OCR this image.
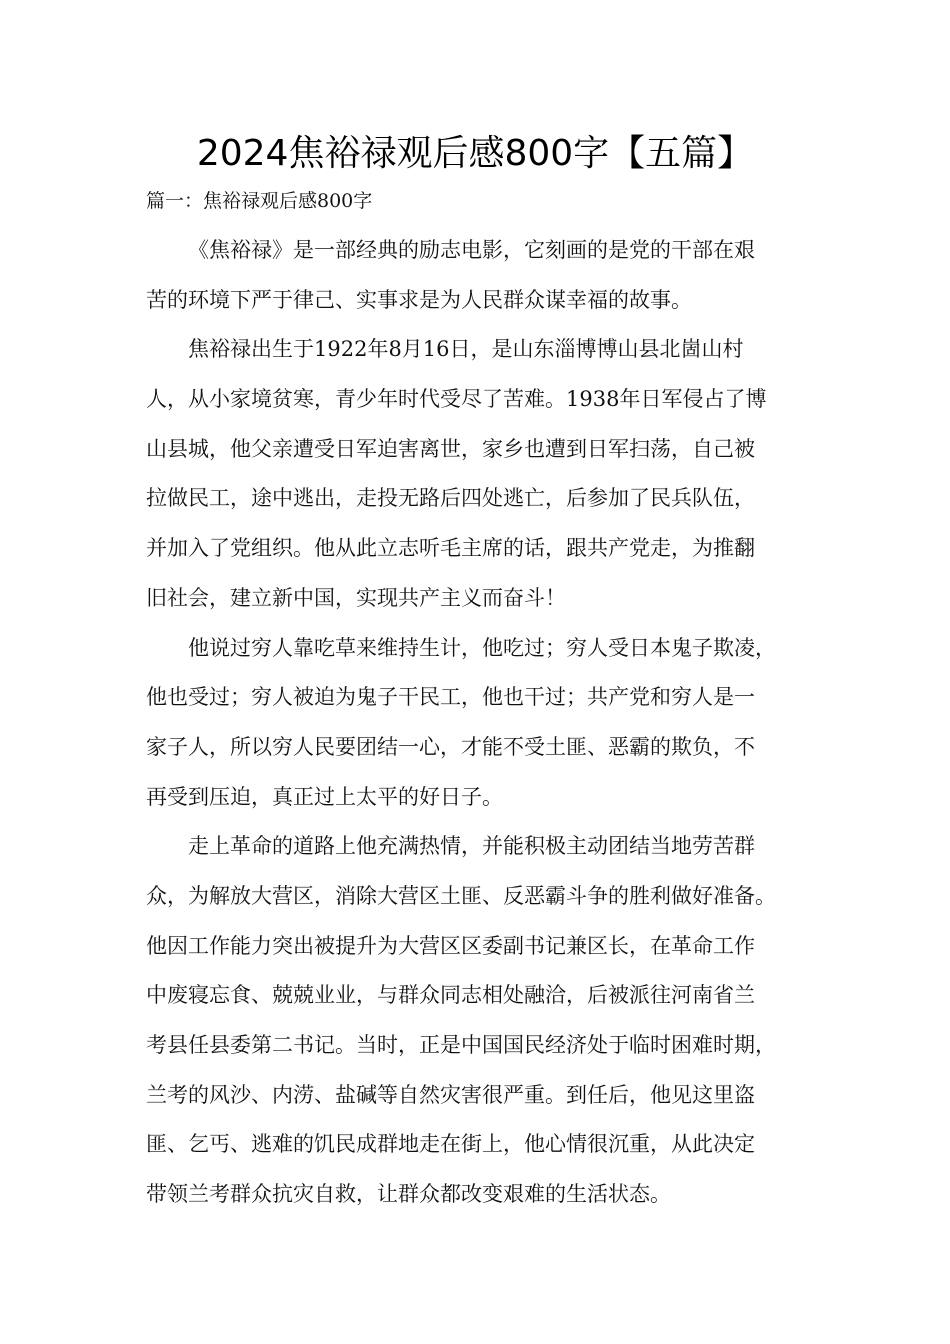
2024焦裕禄观后感800字【五篇】

篇一：焦裕禄观后感800字

《焦裕禄》是一部经典的励志电影，它刻画的是党的干部在艰
苦的环境下严于律己、实事求是为人民群众谋幸福的故事。
焦裕禄出生于1922年8月16日，是山东淄博博山县北崮山村
人，从小家境贫寒，青少年时代受尽了苦难。1938年日军侵占了博
山县城，他父亲遭受日军迫害离世，家乡也遭到日军扫荡，自己被
拉做民工，途中逃出，走投无路后四处逃亡，后参加了民兵队伍，
并加入了党组织。他从此立志听毛主席的话，跟共产党走，为推翻
旧社会，建立新中国，实现共产主义而奋斗！
他说过穷人靠吃草来维持生计，他吃过；穷人受日本鬼子欺凌，
他也受过；穷人被迫为鬼子干民工，他也干过；共产党和穷人是一
家子人，所以穷人民要团结一心，才能不受土匪、恶霸的欺负，不
再受到压迫，真正过上太平的好日子。
走上革命的道路上他充满热情，并能积极主动团结当地劳苦群
众，为解放大营区，消除大营区土匪、反恶霸斗争的胜利做好准备。
他因工作能力突出被提升为大营区区委副书记兼区长，在革命工作
中废寝忘食、兢兢业业，与群众同志相处融洽，后被派往河南省兰
考县任县委第二书记。当时，正是中国国民经济处于临时困难时期，
兰考的风沙、内涝、盐碱等自然灾害很严重。到任后，他见这里盗
匪、乞丐、逃难的饥民成群地走在街上，他心情很沉重，从此决定
带领兰考群众抗灾自救，让群众都改变艰难的生活状态。
